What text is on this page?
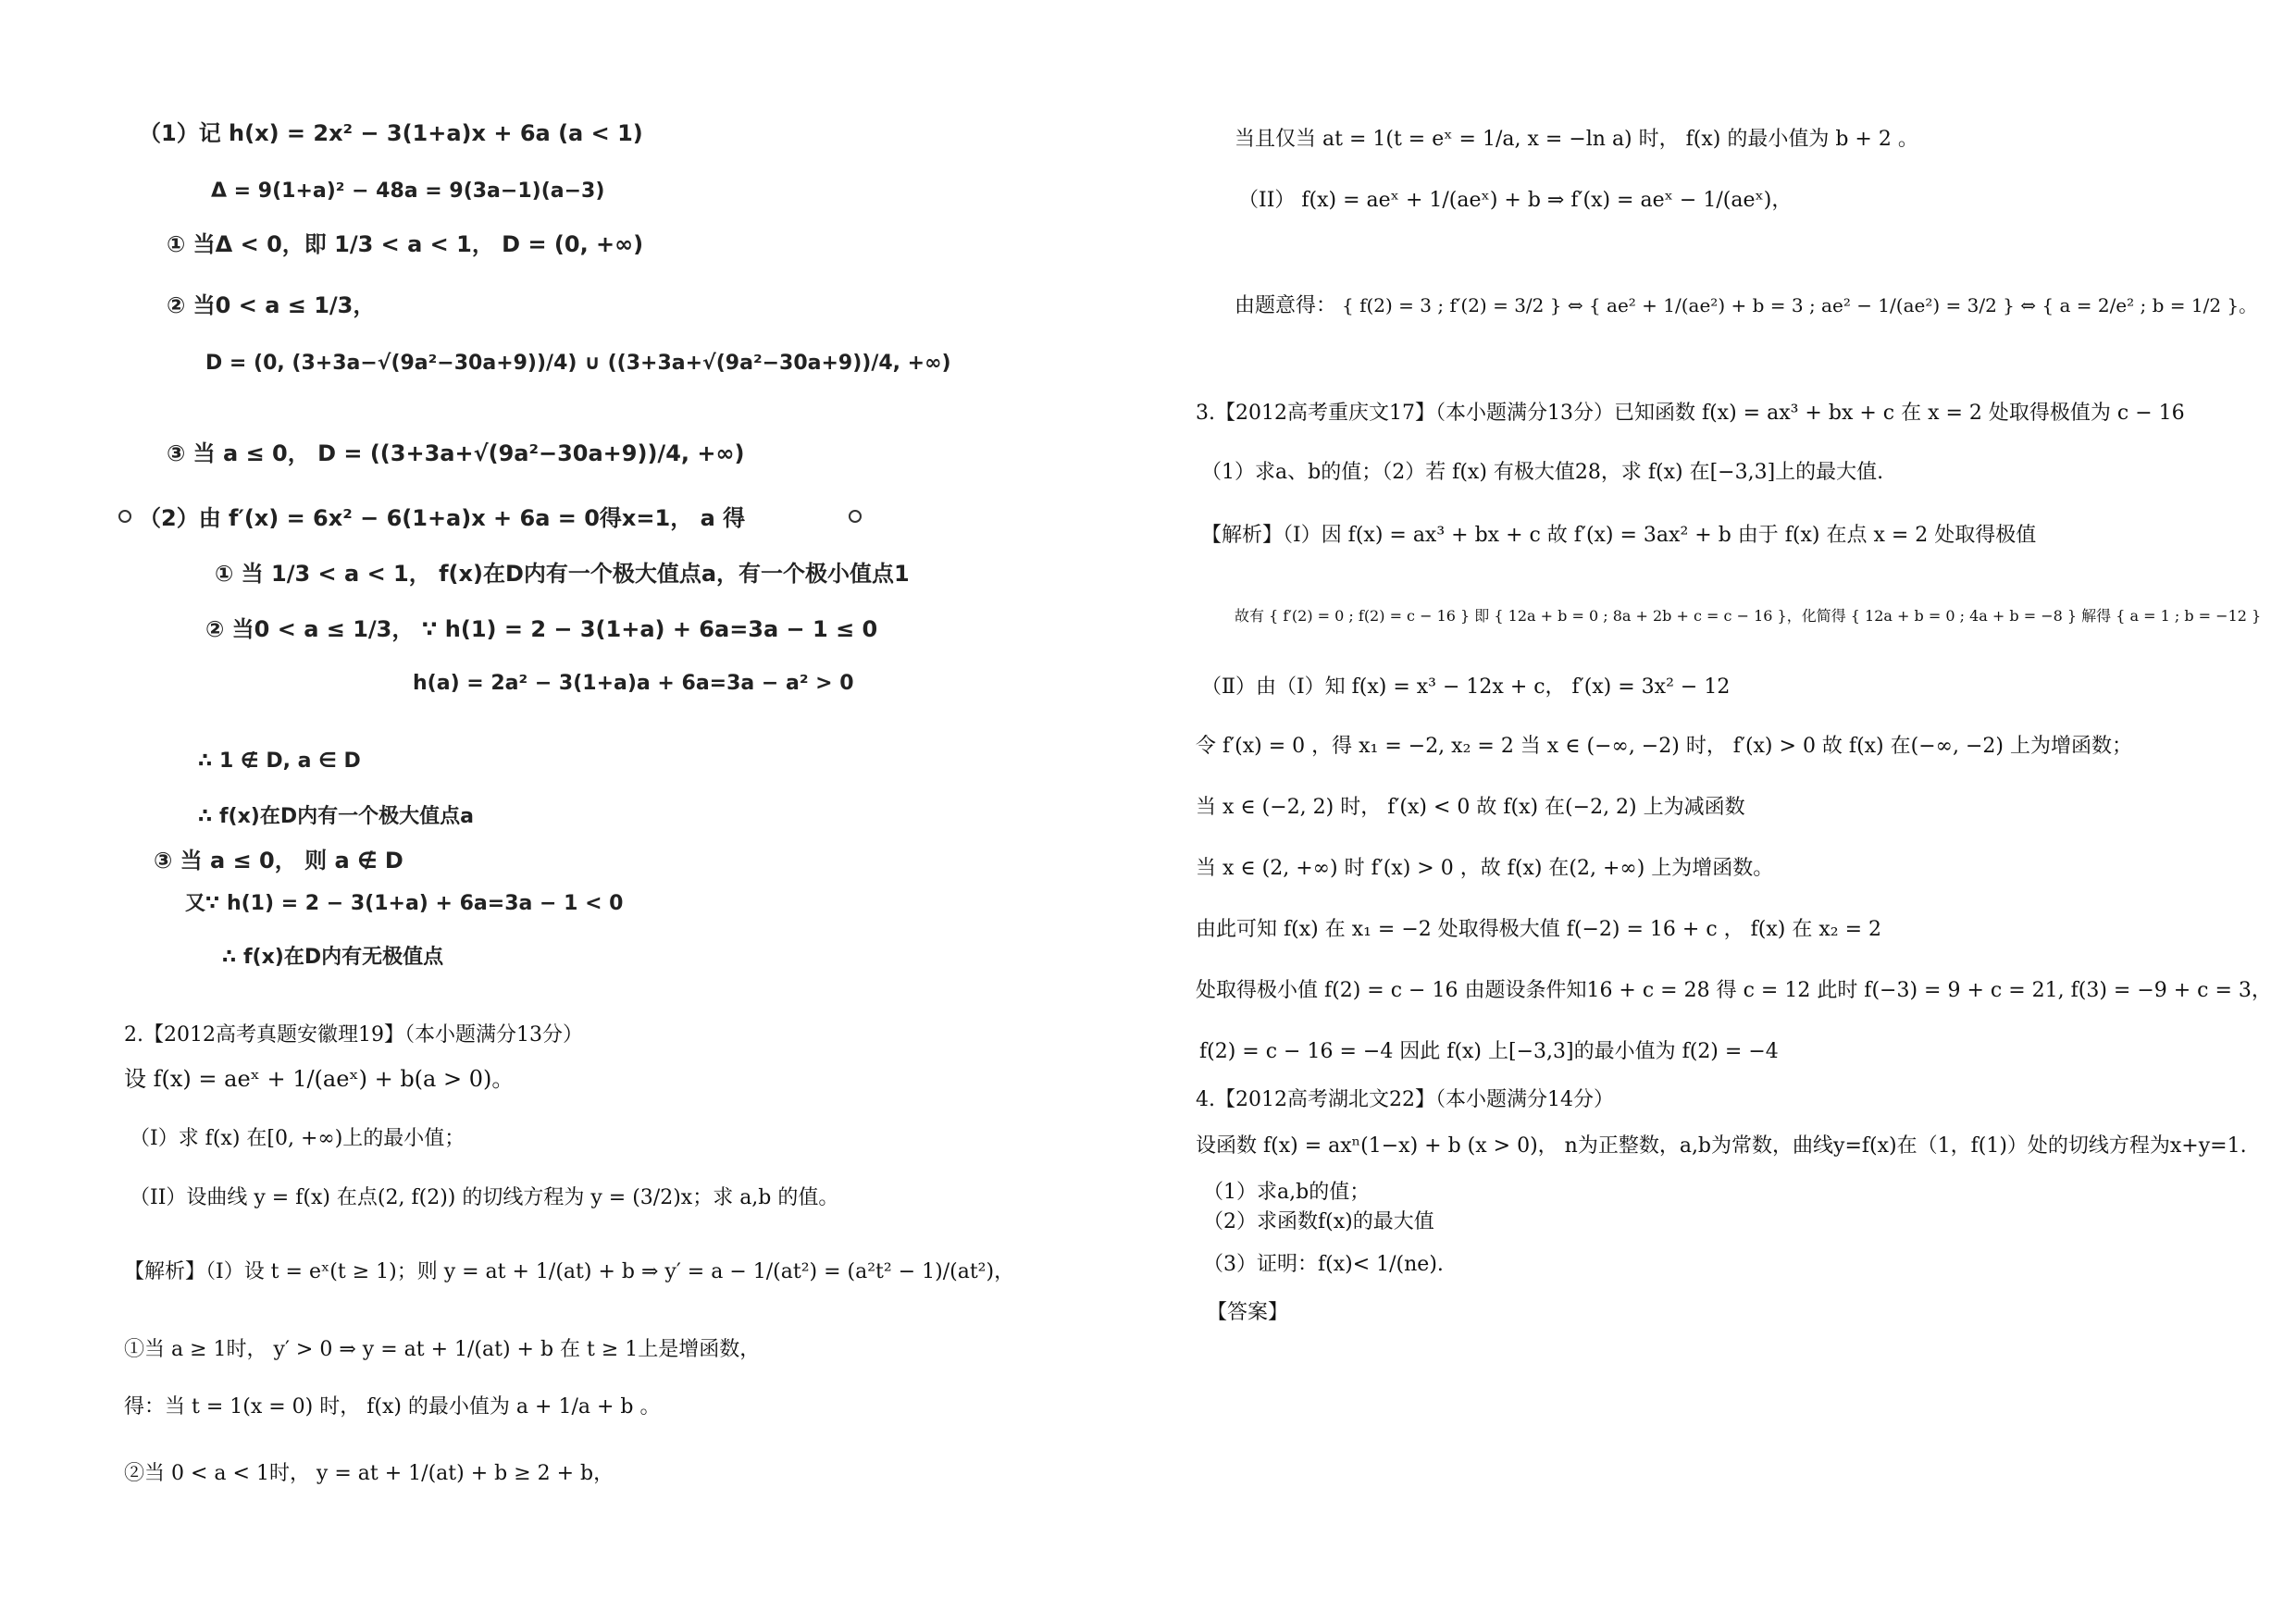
（1）记 h(x) = 2x² − 3(1+a)x + 6a (a < 1)
Δ = 9(1+a)² − 48a = 9(3a−1)(a−3)
① 当Δ < 0，即 1/3 < a < 1， D = (0, +∞)
② 当0 < a ≤ 1/3，
D = (0, (3+3a−√(9a²−30a+9))/4) ∪ ((3+3a+√(9a²−30a+9))/4, +∞)
③ 当 a ≤ 0， D = ((3+3a+√(9a²−30a+9))/4, +∞)
（2）由 f′(x) = 6x² − 6(1+a)x + 6a = 0得x=1， a 得
① 当 1/3 < a < 1， f(x)在D内有一个极大值点a，有一个极小值点1
② 当0 < a ≤ 1/3， ∵ h(1) = 2 − 3(1+a) + 6a=3a − 1 ≤ 0
h(a) = 2a² − 3(1+a)a + 6a=3a − a² > 0
∴ 1 ∉ D, a ∈ D
∴ f(x)在D内有一个极大值点a
③ 当 a ≤ 0， 则 a ∉ D
又∵ h(1) = 2 − 3(1+a) + 6a=3a − 1 < 0
∴ f(x)在D内有无极值点
2.【2012高考真题安徽理19】（本小题满分13分）
设 f(x) = aeˣ + 1/(aeˣ) + b(a > 0)。
（I）求 f(x) 在[0, +∞)上的最小值；
（II）设曲线 y = f(x) 在点(2, f(2)) 的切线方程为 y = (3/2)x；求 a,b 的值。
【解析】（I）设 t = eˣ(t ≥ 1)；则 y = at + 1/(at) + b ⇒ y′ = a − 1/(at²) = (a²t² − 1)/(at²)，
①当 a ≥ 1时， y′ > 0 ⇒ y = at + 1/(at) + b 在 t ≥ 1上是增函数，
得：当 t = 1(x = 0) 时， f(x) 的最小值为 a + 1/a + b 。
②当 0 < a < 1时， y = at + 1/(at) + b ≥ 2 + b，
当且仅当 at = 1(t = eˣ = 1/a, x = −ln a) 时， f(x) 的最小值为 b + 2 。
（II） f(x) = aeˣ + 1/(aeˣ) + b ⇒ f′(x) = aeˣ − 1/(aeˣ)，
由题意得： { f(2) = 3 ; f′(2) = 3/2 } ⇔ { ae² + 1/(ae²) + b = 3 ; ae² − 1/(ae²) = 3/2 } ⇔ { a = 2/e² ; b = 1/2 }。
3.【2012高考重庆文17】（本小题满分13分）已知函数 f(x) = ax³ + bx + c 在 x = 2 处取得极值为 c − 16
（1）求a、b的值；（2）若 f(x) 有极大值28，求 f(x) 在[−3,3]上的最大值.
【解析】（Ⅰ）因 f(x) = ax³ + bx + c 故 f′(x) = 3ax² + b 由于 f(x) 在点 x = 2 处取得极值
故有 { f′(2) = 0 ; f(2) = c − 16 } 即 { 12a + b = 0 ; 8a + 2b + c = c − 16 }，化简得 { 12a + b = 0 ; 4a + b = −8 } 解得 { a = 1 ; b = −12 }
（Ⅱ）由（Ⅰ）知 f(x) = x³ − 12x + c， f′(x) = 3x² − 12
令 f′(x) = 0 ，得 x₁ = −2, x₂ = 2 当 x ∈ (−∞, −2) 时， f′(x) > 0 故 f(x) 在(−∞, −2) 上为增函数；
当 x ∈ (−2, 2) 时， f′(x) < 0 故 f(x) 在(−2, 2) 上为减函数
当 x ∈ (2, +∞) 时 f′(x) > 0 ，故 f(x) 在(2, +∞) 上为增函数。
由此可知 f(x) 在 x₁ = −2 处取得极大值 f(−2) = 16 + c ， f(x) 在 x₂ = 2
处取得极小值 f(2) = c − 16 由题设条件知16 + c = 28 得 c = 12 此时 f(−3) = 9 + c = 21, f(3) = −9 + c = 3，
f(2) = c − 16 = −4 因此 f(x) 上[−3,3]的最小值为 f(2) = −4
4.【2012高考湖北文22】（本小题满分14分）
设函数 f(x) = axⁿ(1−x) + b (x > 0)， n为正整数，a,b为常数，曲线y=f(x)在（1，f(1)）处的切线方程为x+y=1.
（1）求a,b的值；
（2）求函数f(x)的最大值
（3）证明：f(x)< 1/(ne).
【答案】
